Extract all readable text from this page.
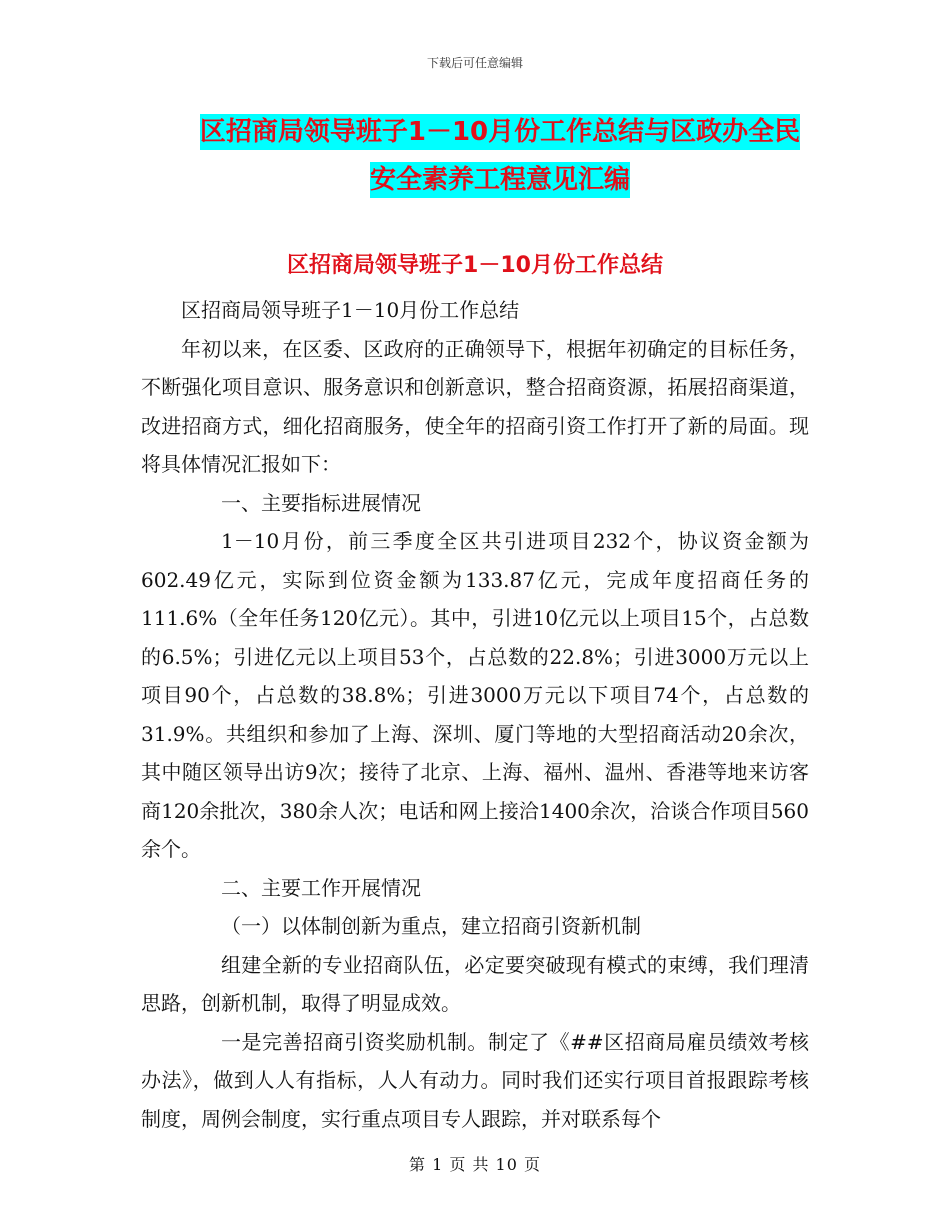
下载后可任意编辑
区招商局领导班子1－10月份工作总结与区政办全民
安全素养工程意见汇编
区招商局领导班子1－10月份工作总结

区招商局领导班子1－10月份工作总结

年初以来，在区委、区政府的正确领导下，根据年初确定的目标任务，不断强化项目意识、服务意识和创新意识，整合招商资源，拓展招商渠道，改进招商方式，细化招商服务，使全年的招商引资工作打开了新的局面。现将具体情况汇报如下：

一、主要指标进展情况

1－10月份，前三季度全区共引进项目232个，协议资金额为602.49亿元，实际到位资金额为133.87亿元，完成年度招商任务的111.6%（全年任务120亿元）。其中，引进10亿元以上项目15个，占总数的6.5%；引进亿元以上项目53个，占总数的22.8%；引进3000万元以上项目90个，占总数的38.8%；引进3000万元以下项目74个，占总数的31.9%。共组织和参加了上海、深圳、厦门等地的大型招商活动20余次，其中随区领导出访9次；接待了北京、上海、福州、温州、香港等地来访客商120余批次，380余人次；电话和网上接洽1400余次，洽谈合作项目560余个。

二、主要工作开展情况

（一）以体制创新为重点，建立招商引资新机制

组建全新的专业招商队伍，必定要突破现有模式的束缚，我们理清思路，创新机制，取得了明显成效。

一是完善招商引资奖励机制。制定了《##区招商局雇员绩效考核办法》，做到人人有指标，人人有动力。同时我们还实行项目首报跟踪考核制度，周例会制度，实行重点项目专人跟踪，并对联系每个

第 1 页 共 10 页
